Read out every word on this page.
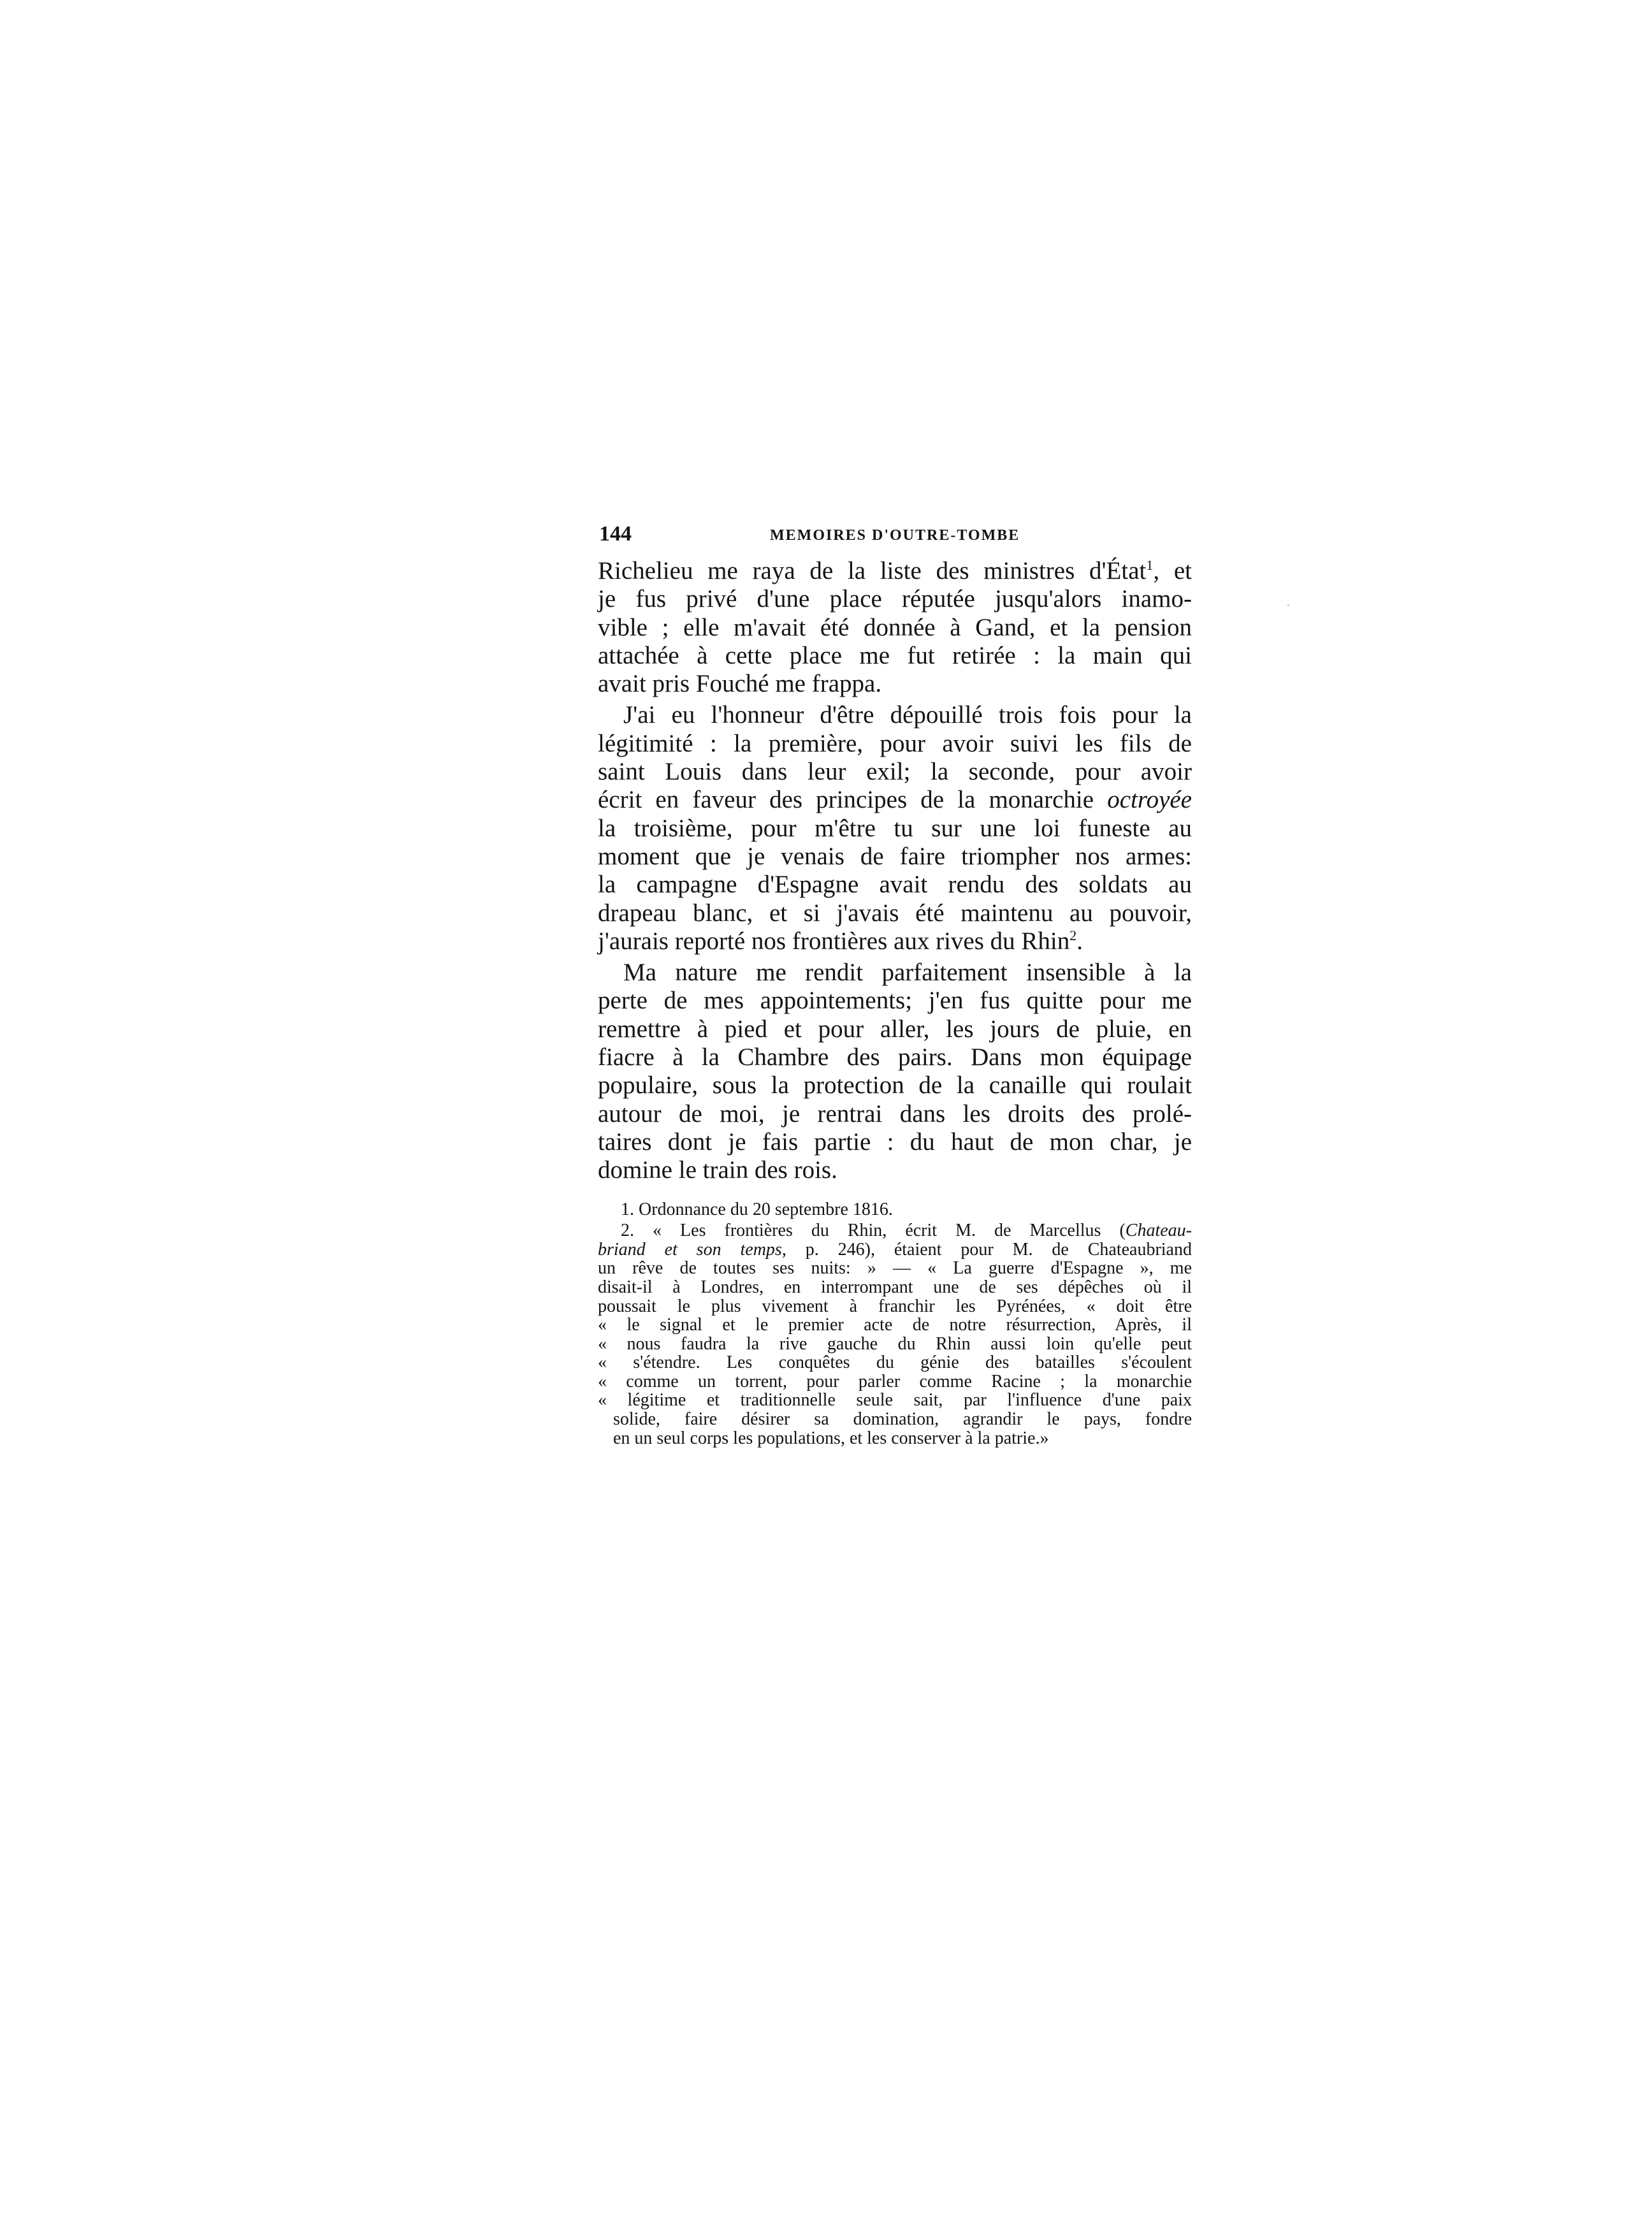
144	MEMOIRES D'OUTRE-TOMBE
Richelieu me raya de la liste des ministres d'État$^1$, et
je fus privé d'une place réputée jusqu'alors inamo-
vible ; elle m'avait été donnée à Gand, et la pension
attachée à cette place me fut retirée : la main qui
avait pris Fouché me frappa.
J'ai eu l'honneur d'être dépouillé trois fois pour la
légitimité : la première, pour avoir suivi les fils de
saint Louis dans leur exil; la seconde, pour avoir
écrit en faveur des principes de la monarchie octroyée
la troisième, pour m'être tu sur une loi funeste au
moment que je venais de faire triompher nos armes:
la campagne d'Espagne avait rendu des soldats au
drapeau blanc, et si j'avais été maintenu au pouvoir,
j'aurais reporté nos frontières aux rives du Rhin$^2$.
Ma nature me rendit parfaitement insensible à la
perte de mes appointements; j'en fus quitte pour me
remettre à pied et pour aller, les jours de pluie, en
fiacre à la Chambre des pairs. Dans mon équipage
populaire, sous la protection de la canaille qui roulait
autour de moi, je rentrai dans les droits des prolé-
taires dont je fais partie : du haut de mon char, je
domine le train des rois.
1. Ordonnance du 20 septembre 1816.
2. « Les frontières du Rhin, écrit M. de Marcellus (Chateau-
briand et son temps, p. 246), étaient pour M. de Chateaubriand
un rêve de toutes ses nuits: » — « La guerre d'Espagne », me
disait-il à Londres, en interrompant une de ses dépêches où il
poussait le plus vivement à franchir les Pyrénées, « doit être
« le signal et le premier acte de notre résurrection, Après, il
« nous faudra la rive gauche du Rhin aussi loin qu'elle peut
« s'étendre. Les conquêtes du génie des batailles s'écoulent
« comme un torrent, pour parler comme Racine ; la monarchie
« légitime et traditionnelle seule sait, par l'influence d'une paix
solide, faire désirer sa domination, agrandir le pays, fondre
en un seul corps les populations, et les conserver à la patrie.»
